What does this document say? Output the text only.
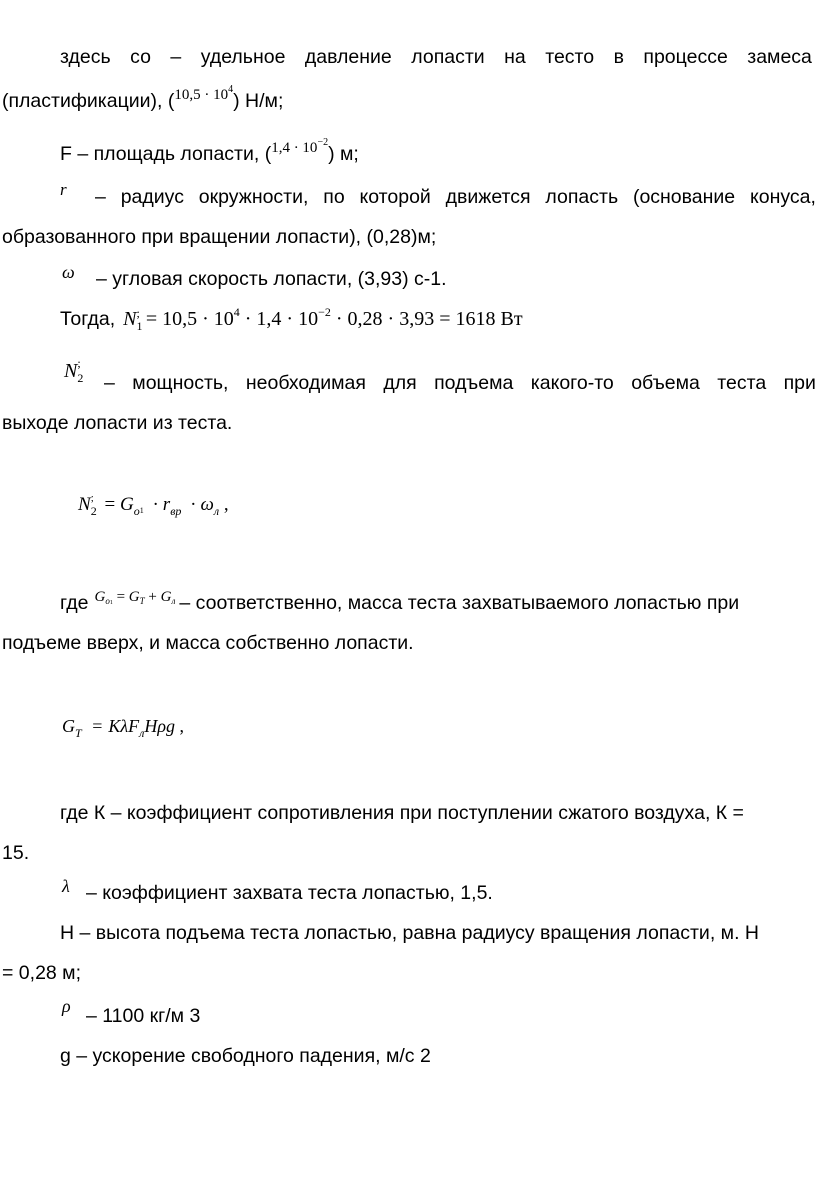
здесь со – удельное давление лопасти на тесто в процессе замеса
(пластификации), ($^{10,5 \cdot 10^4}$) Н/м;
F – площадь лопасти, ($^{1,4 \cdot 10^{-2}}$) м;
r – радиус окружности, по которой движется лопасть (основание конуса,
образованного при вращении лопасти), (0,28)м;
ω – угловая скорость лопасти, (3,93) с-1.
Тогда, $N_1^; = 10,5 \cdot 10^4 \cdot 1,4 \cdot 10^{-2} \cdot 0,28 \cdot 3,93 = 1618$ Вт
$N_2^;$
– мощность, необходимая для подъема какого-то объема теста при
выходе лопасти из теста.
$N_2^; = G_о1 \cdot r_{вр} \cdot \omega_л$ ,
где $G_{о1} = G_Т + G_л$ – соответственно, масса теста захватываемого лопастью при
подъеме вверх, и масса собственно лопасти.
$G_Т = K\lambda F_лH\rho g$ ,
где К – коэффициент сопротивления при поступлении сжатого воздуха, К =
15.
λ – коэффициент захвата теста лопастью, 1,5.
Н – высота подъема теста лопастью, равна радиусу вращения лопасти, м. Н
= 0,28 м;
ρ – 1100 кг/м 3
g – ускорение свободного падения, м/с 2
